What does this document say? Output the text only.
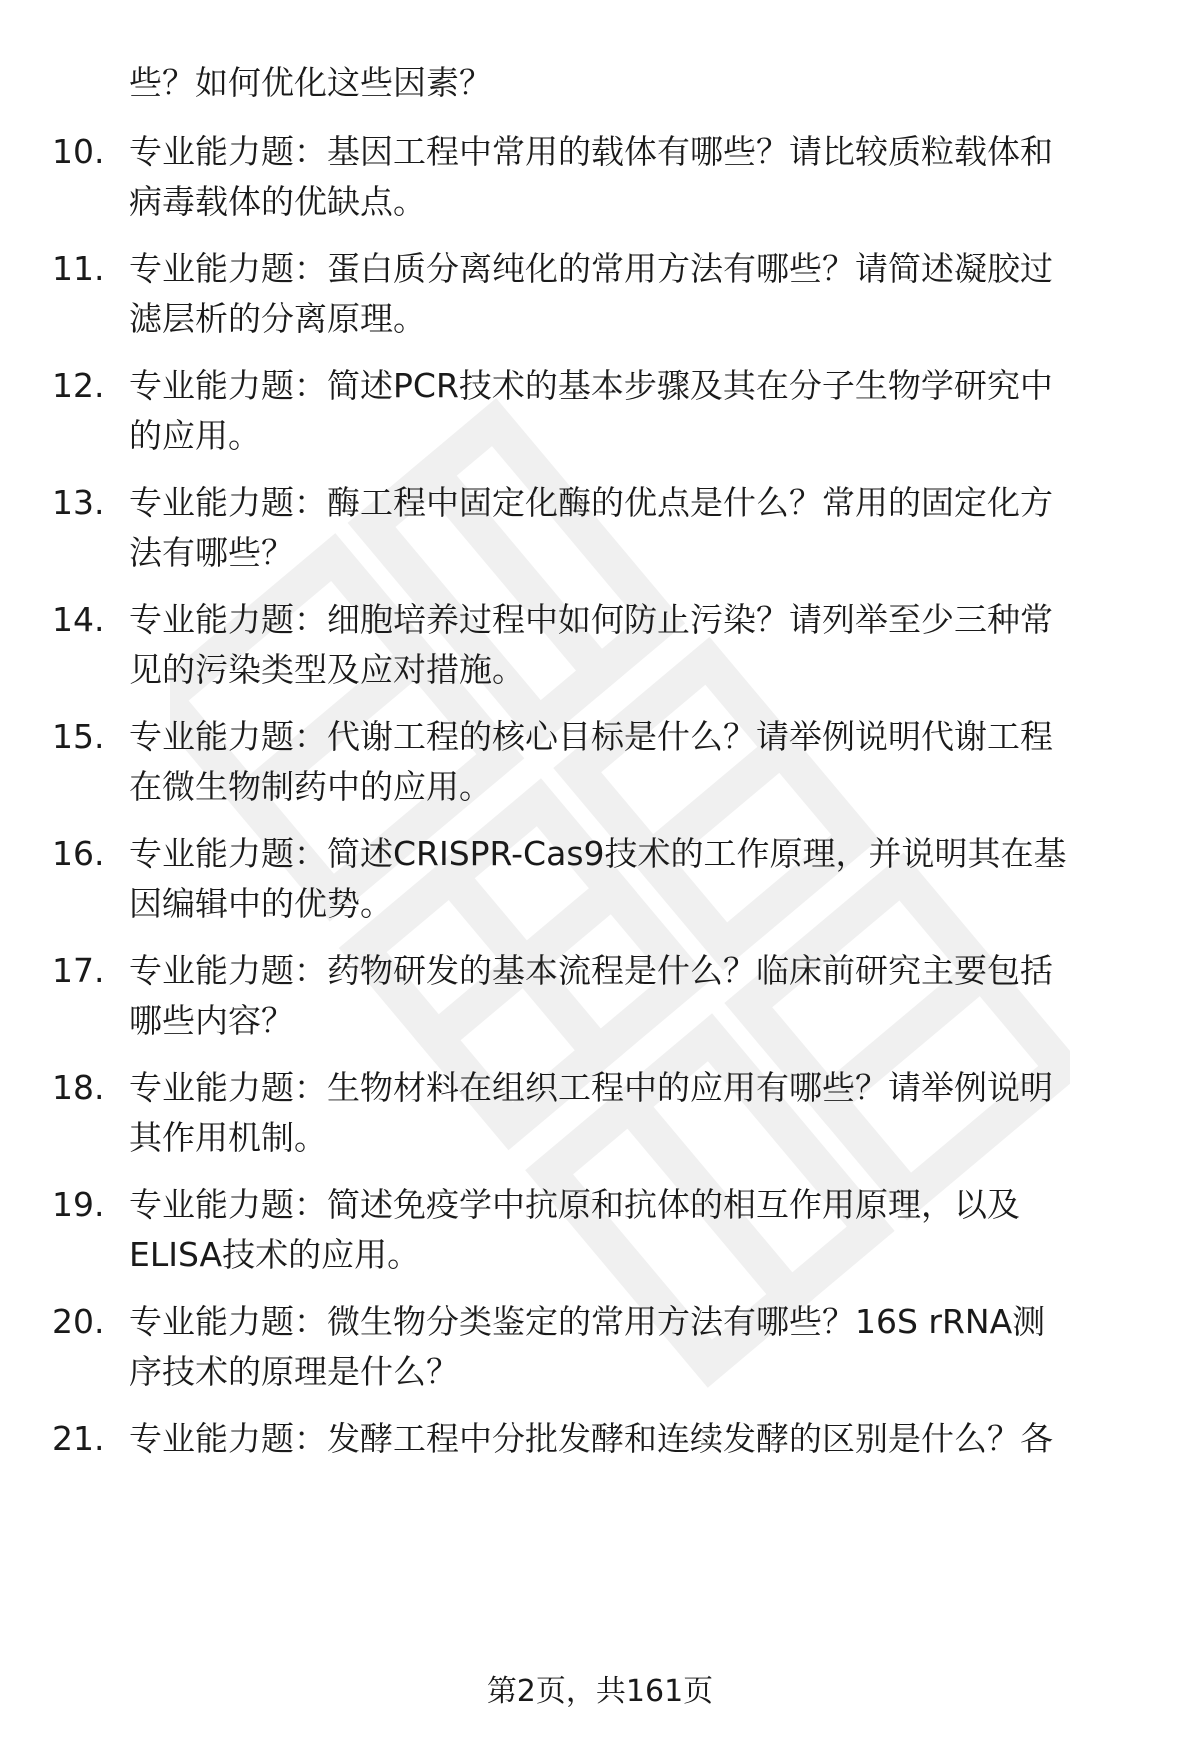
些？如何优化这些因素？
10. 专业能力题：基因工程中常用的载体有哪些？请比较质粒载体和
病毒载体的优缺点。
11. 专业能力题：蛋白质分离纯化的常用方法有哪些？请简述凝胶过
滤层析的分离原理。
12. 专业能力题：简述PCR技术的基本步骤及其在分子生物学研究中
的应用。
13. 专业能力题：酶工程中固定化酶的优点是什么？常用的固定化方
法有哪些？
14. 专业能力题：细胞培养过程中如何防止污染？请列举至少三种常
见的污染类型及应对措施。
15. 专业能力题：代谢工程的核心目标是什么？请举例说明代谢工程
在微生物制药中的应用。
16. 专业能力题：简述CRISPR-Cas9技术的工作原理，并说明其在基
因编辑中的优势。
17. 专业能力题：药物研发的基本流程是什么？临床前研究主要包括
哪些内容？
18. 专业能力题：生物材料在组织工程中的应用有哪些？请举例说明
其作用机制。
19. 专业能力题：简述免疫学中抗原和抗体的相互作用原理，以及
ELISA技术的应用。
20. 专业能力题：微生物分类鉴定的常用方法有哪些？16S rRNA测
序技术的原理是什么？
21. 专业能力题：发酵工程中分批发酵和连续发酵的区别是什么？各
第2页，共161页
